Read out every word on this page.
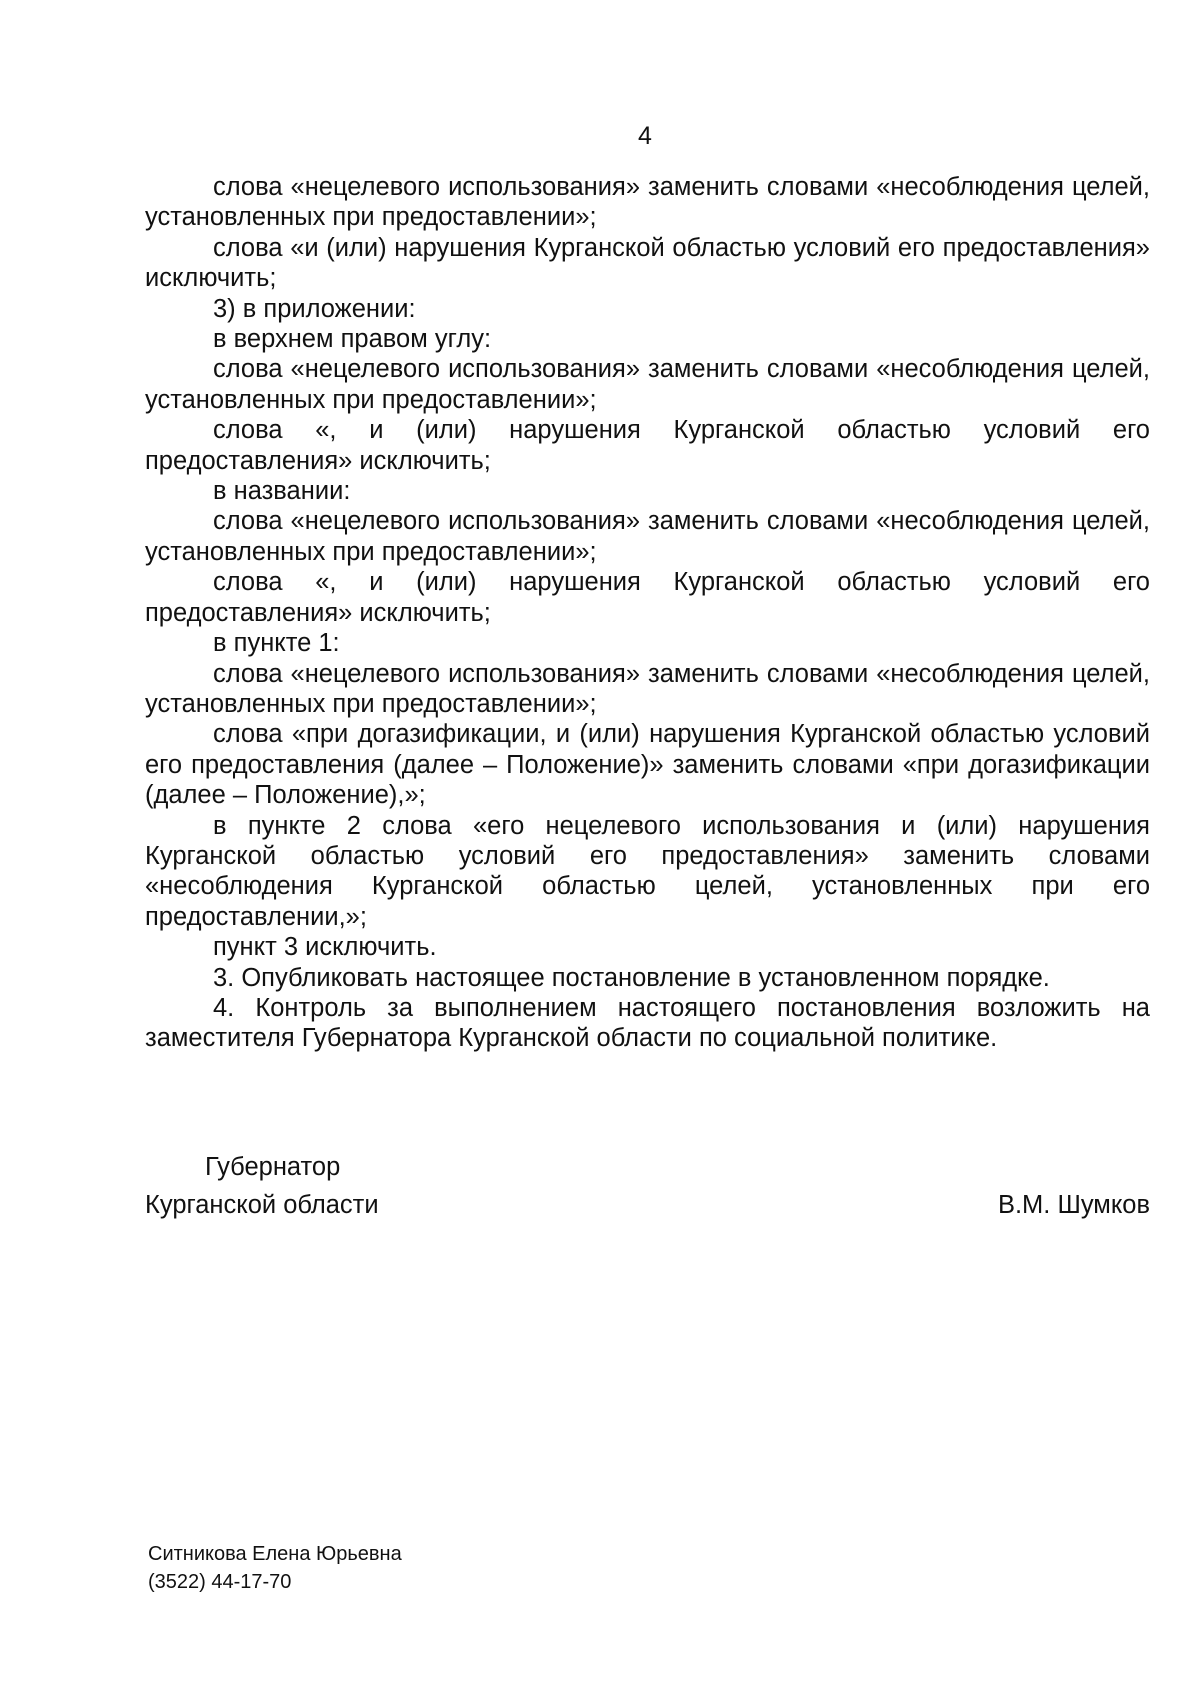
4

слова «нецелевого использования» заменить словами «несоблюдения целей, установленных при предоставлении»;

слова «и (или) нарушения Курганской областью условий его предоставления» исключить;

3) в приложении:

в верхнем правом углу:

слова «нецелевого использования» заменить словами «несоблюдения целей, установленных при предоставлении»;

слова «, и (или) нарушения Курганской областью условий его предоставления» исключить;

в названии:

слова «нецелевого использования» заменить словами «несоблюдения целей, установленных при предоставлении»;

слова «, и (или) нарушения Курганской областью условий его предоставления» исключить;

в пункте 1:

слова «нецелевого использования» заменить словами «несоблюдения целей, установленных при предоставлении»;

слова «при догазификации, и (или) нарушения Курганской областью условий его предоставления (далее – Положение)» заменить словами «при догазификации (далее – Положение),»;

в пункте 2 слова «его нецелевого использования и (или) нарушения Курганской областью условий его предоставления» заменить словами «несоблюдения Курганской областью целей, установленных при его предоставлении,»;

пункт 3 исключить.

3. Опубликовать настоящее постановление в установленном порядке.

4. Контроль за выполнением настоящего постановления возложить на заместителя Губернатора Курганской области по социальной политике.

Губернатор
Курганской области	В.М. Шумков
Ситникова Елена Юрьевна
(3522) 44-17-70
